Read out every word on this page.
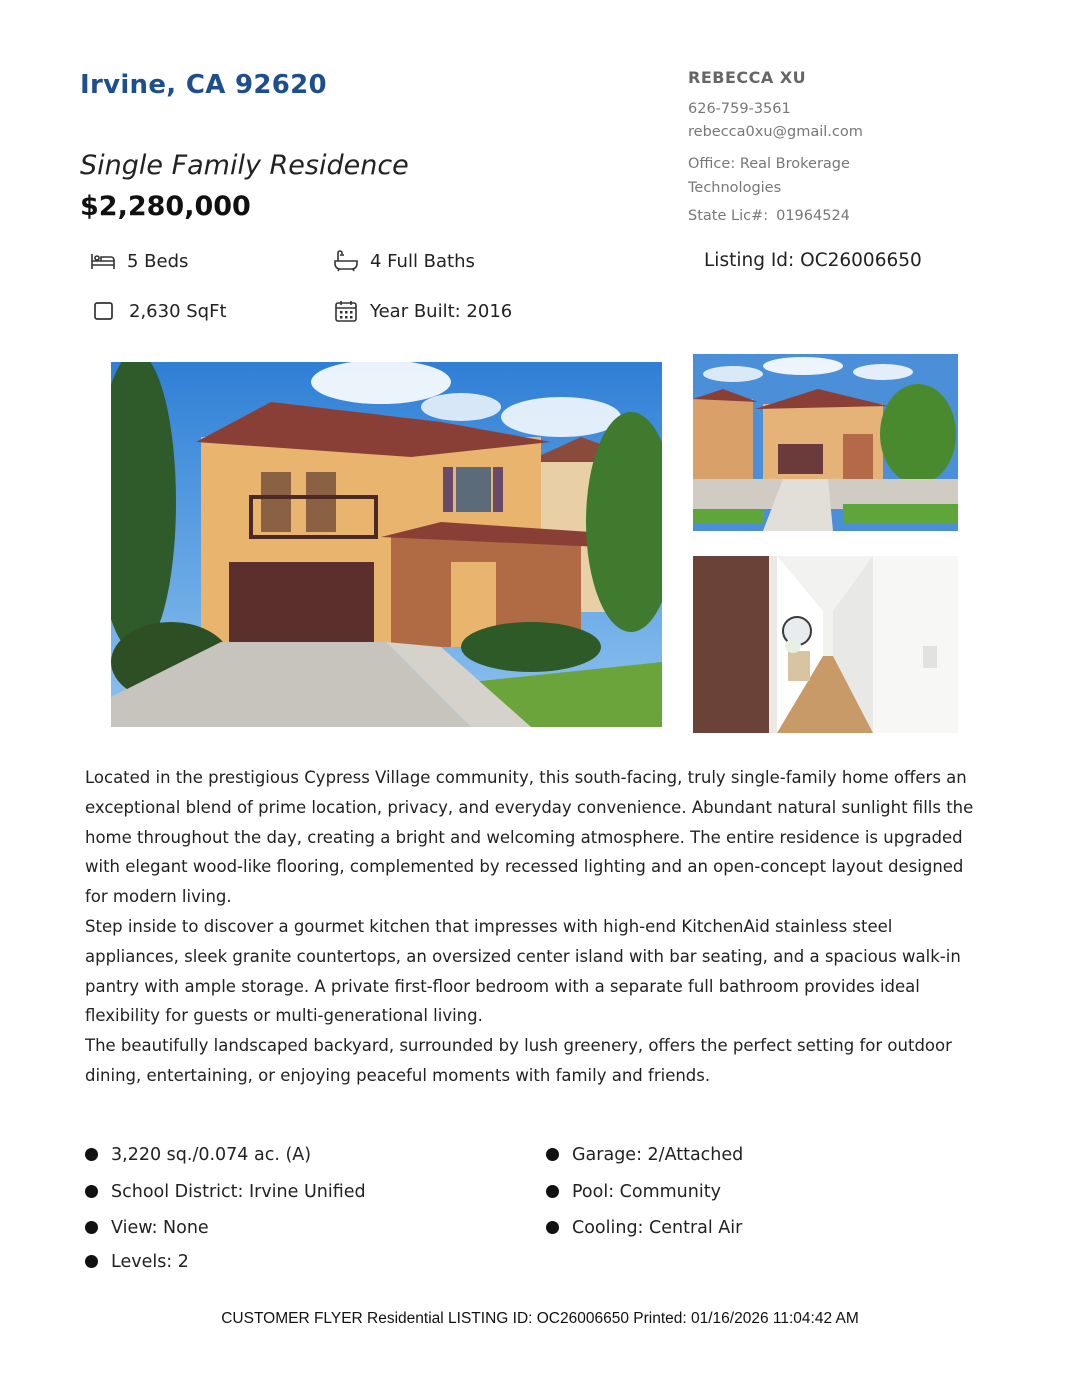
Irvine, CA 92620
Single Family Residence
$2,280,000
REBECCA XU
626-759-3561
rebecca0xu@gmail.com
Office: Real Brokerage Technologies
State Lic#: 01964524
5 Beds	4 Full Baths
2,630 SqFt	Year Built: 2016
Listing Id: OC26006650

Located in the prestigious Cypress Village community, this south-facing, truly single-family home offers an exceptional blend of prime location, privacy, and everyday convenience. Abundant natural sunlight fills the home throughout the day, creating a bright and welcoming atmosphere. The entire residence is upgraded with elegant wood-like flooring, complemented by recessed lighting and an open-concept layout designed for modern living.

Step inside to discover a gourmet kitchen that impresses with high-end KitchenAid stainless steel appliances, sleek granite countertops, an oversized center island with bar seating, and a spacious walk-in pantry with ample storage. A private first-floor bedroom with a separate full bathroom provides ideal flexibility for guests or multi-generational living.

The beautifully landscaped backyard, surrounded by lush greenery, offers the perfect setting for outdoor dining, entertaining, or enjoying peaceful moments with family and friends.

3,220 sq./0.074 ac. (A)
School District: Irvine Unified
View: None
Levels: 2
Garage: 2/Attached
Pool: Community
Cooling: Central Air
CUSTOMER FLYER Residential LISTING ID: OC26006650 Printed: 01/16/2026 11:04:42 AM
